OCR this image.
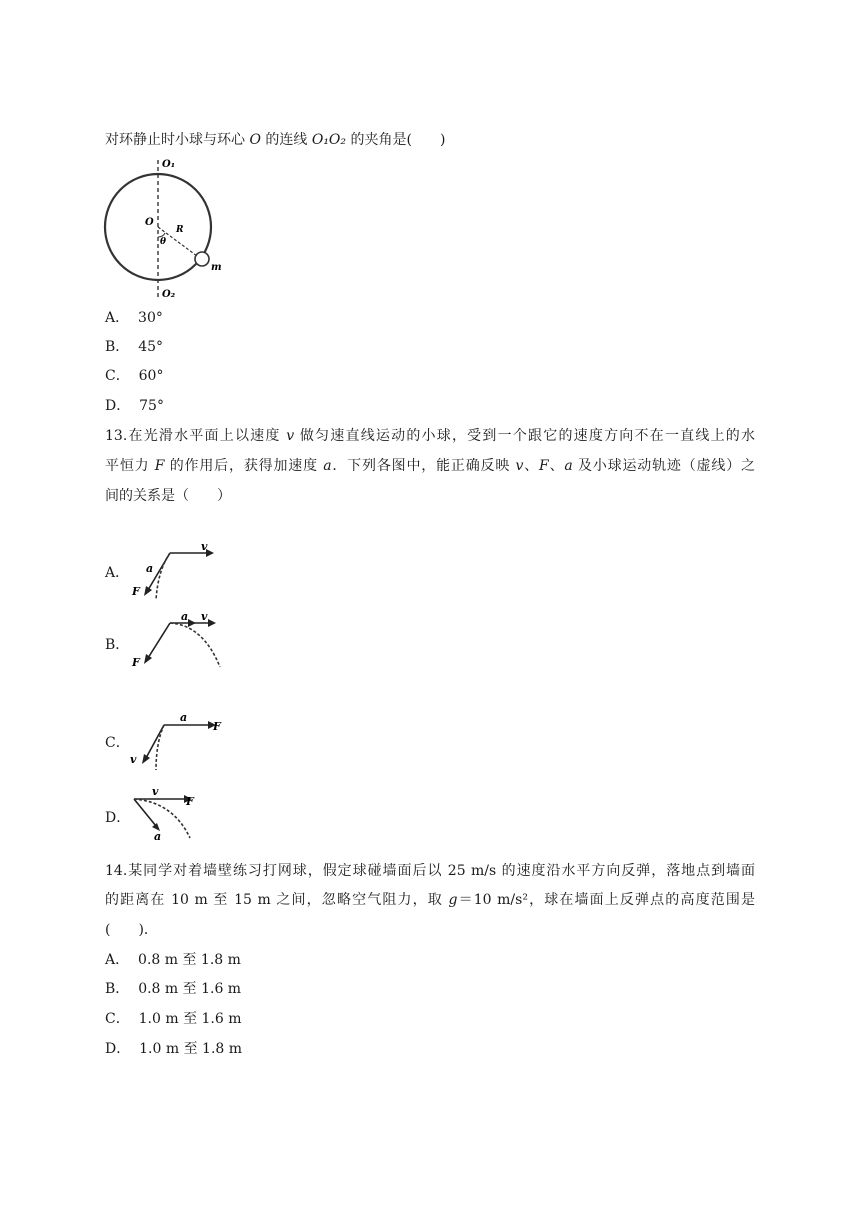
对环静止时小球与环心 O 的连线 O₁O₂ 的夹角是(　　)
O₁
O
R
θ
m
O₂
A． 30°
B． 45°
C． 60°
D． 75°
13.在光滑水平面上以速度 v 做匀速直线运动的小球，受到一个跟它的速度方向不在一直线上的水
平恒力 F 的作用后，获得加速度 a．下列各图中，能正确反映 v、F、a 及小球运动轨迹（虚线）之
间的关系是（　　）
A．
v
a
F
B．
a v
F
C．
a
F
v
D．
v
F
a
14.某同学对着墙壁练习打网球，假定球碰墙面后以 25 m/s 的速度沿水平方向反弹，落地点到墙面
的距离在 10 m 至 15 m 之间，忽略空气阻力，取 g＝10 m/s²，球在墙面上反弹点的高度范围是
(　　)．
A． 0.8 m 至 1.8 m
B． 0.8 m 至 1.6 m
C． 1.0 m 至 1.6 m
D． 1.0 m 至 1.8 m
